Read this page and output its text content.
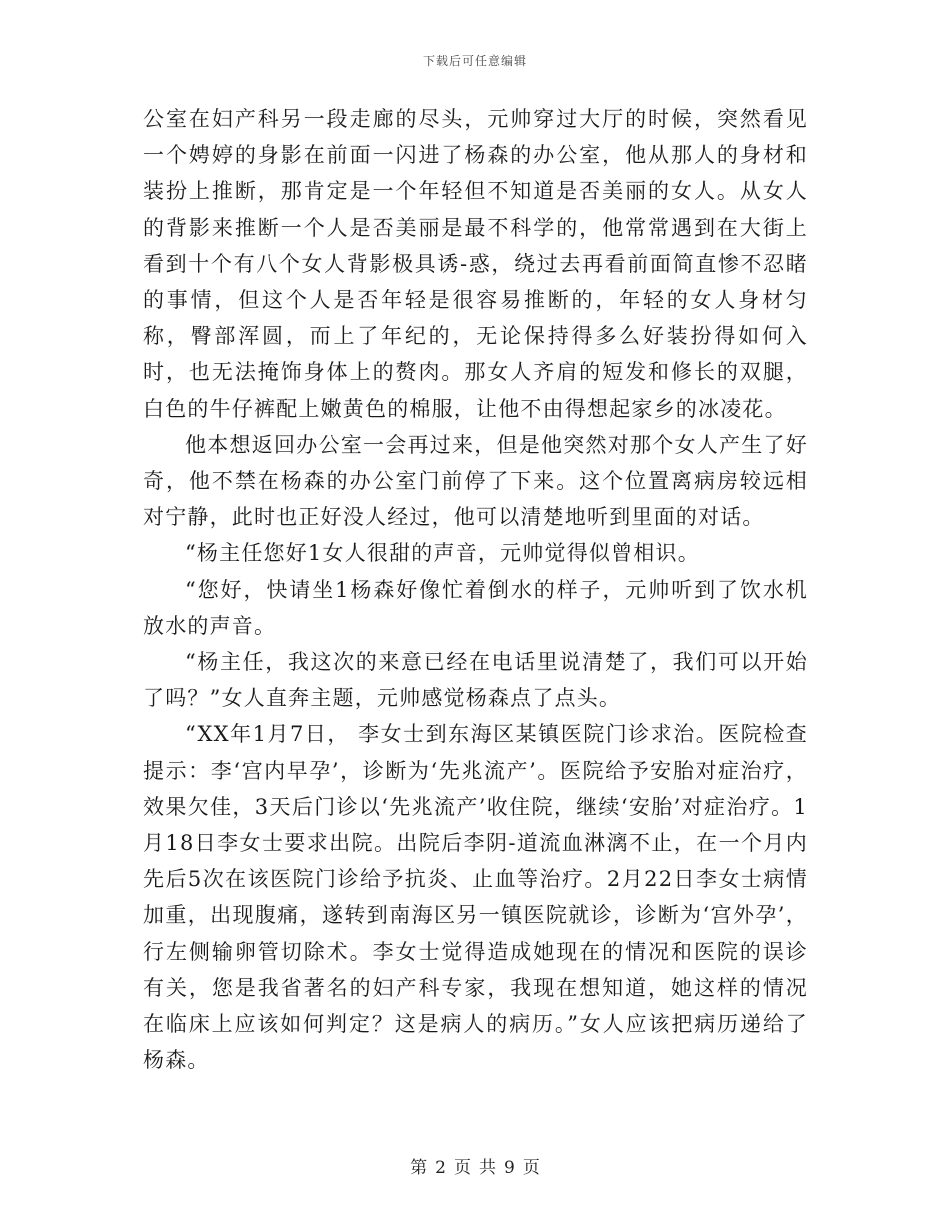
下载后可任意编辑

公室在妇产科另一段走廊的尽头，元帅穿过大厅的时候，突然看见一个娉婷的身影在前面一闪进了杨森的办公室，他从那人的身材和装扮上推断，那肯定是一个年轻但不知道是否美丽的女人。从女人的背影来推断一个人是否美丽是最不科学的，他常常遇到在大街上看到十个有八个女人背影极具诱-惑，绕过去再看前面简直惨不忍睹的事情，但这个人是否年轻是很容易推断的，年轻的女人身材匀称，臀部浑圆，而上了年纪的，无论保持得多么好装扮得如何入时，也无法掩饰身体上的赘肉。那女人齐肩的短发和修长的双腿，白色的牛仔裤配上嫩黄色的棉服，让他不由得想起家乡的冰凌花。

他本想返回办公室一会再过来，但是他突然对那个女人产生了好奇，他不禁在杨森的办公室门前停了下来。这个位置离病房较远相对宁静，此时也正好没人经过，他可以清楚地听到里面的对话。

“杨主任您好1女人很甜的声音，元帅觉得似曾相识。

“您好，快请坐1杨森好像忙着倒水的样子，元帅听到了饮水机放水的声音。

“杨主任，我这次的来意已经在电话里说清楚了，我们可以开始了吗？”女人直奔主题，元帅感觉杨森点了点头。

“XX年1月7日， 李女士到东海区某镇医院门诊求治。医院检查提示：李‘宫内早孕’，诊断为‘先兆流产’。医院给予安胎对症治疗，效果欠佳，3天后门诊以‘先兆流产’收住院，继续‘安胎’对症治疗。1月18日李女士要求出院。出院后李阴-道流血淋漓不止，在一个月内先后5次在该医院门诊给予抗炎、止血等治疗。2月22日李女士病情加重，出现腹痛，遂转到南海区另一镇医院就诊，诊断为‘宫外孕’，行左侧输卵管切除术。李女士觉得造成她现在的情况和医院的误诊有关，您是我省著名的妇产科专家，我现在想知道，她这样的情况在临床上应该如何判定？这是病人的病历。”女人应该把病历递给了杨森。

第 2 页 共 9 页
